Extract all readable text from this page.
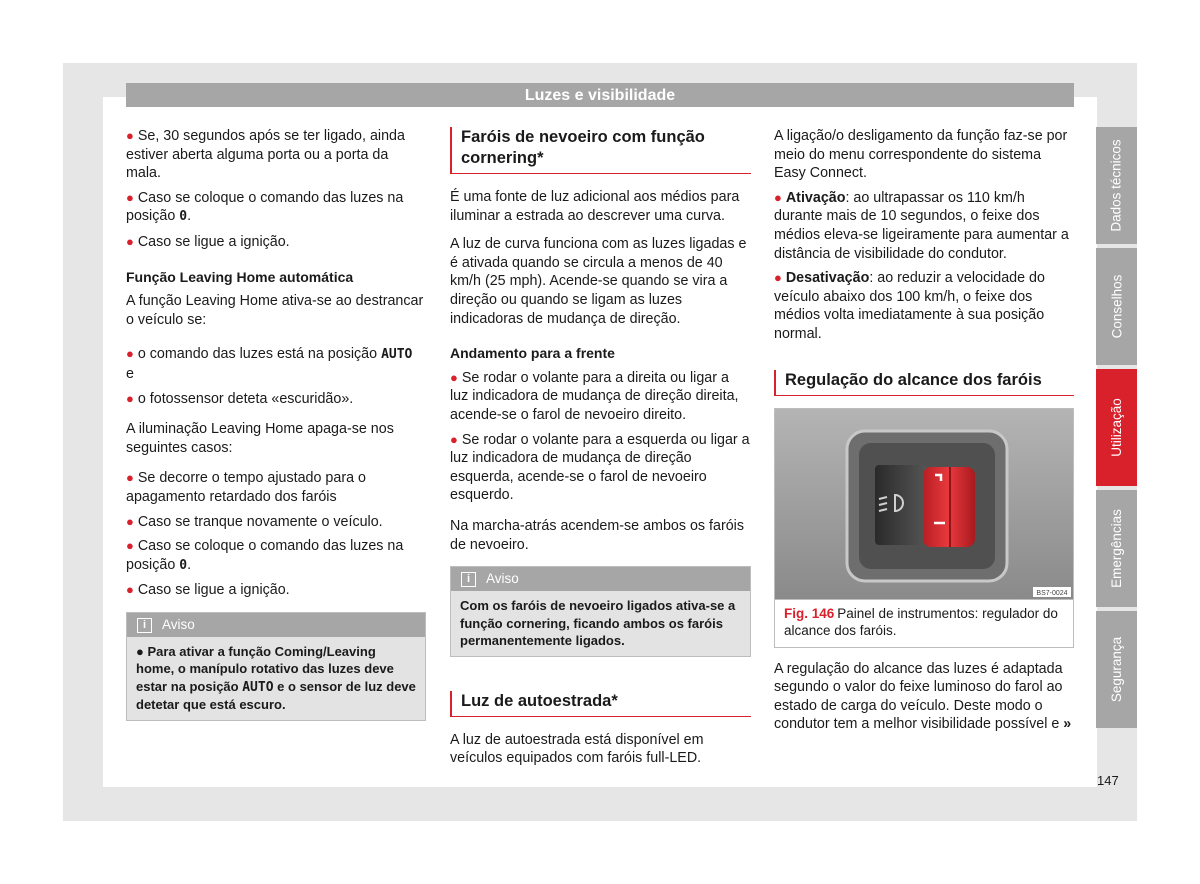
Luzes e visibilidade
● Se, 30 segundos após se ter ligado, ainda estiver aberta alguma porta ou a porta da mala.
● Caso se coloque o comando das luzes na posição 0.
● Caso se ligue a ignição.
Função Leaving Home automática

A função Leaving Home ativa-se ao destrancar o veículo se:

● o comando das luzes está na posição AUTO
e
● o fotossensor deteta «escuridão».

A iluminação Leaving Home apaga-se nos seguintes casos:

● Se decorre o tempo ajustado para o apagamento retardado dos faróis
● Caso se tranque novamente o veículo.
● Caso se coloque o comando das luzes na posição 0.
● Caso se ligue a ignição.
i Aviso
● Para ativar a função Coming/Leaving home, o manípulo rotativo das luzes deve estar na posição AUTO e o sensor de luz deve detetar que está escuro.
Faróis de nevoeiro com função cornering*

É uma fonte de luz adicional aos médios para iluminar a estrada ao descrever uma curva.

A luz de curva funciona com as luzes ligadas e é ativada quando se circula a menos de 40 km/h (25 mph). Acende-se quando se vira a direção ou quando se ligam as luzes indicadoras de mudança de direção.

Andamento para a frente
● Se rodar o volante para a direita ou ligar a luz indicadora de mudança de direção direita, acende-se o farol de nevoeiro direito.
● Se rodar o volante para a esquerda ou ligar a luz indicadora de mudança de direção esquerda, acende-se o farol de nevoeiro esquerdo.

Na marcha-atrás acendem-se ambos os faróis de nevoeiro.

i Aviso
Com os faróis de nevoeiro ligados ativa-se a função cornering, ficando ambos os faróis permanentemente ligados.
Luz de autoestrada*

A luz de autoestrada está disponível em veículos equipados com faróis full-LED.

A ligação/o desligamento da função faz-se por meio do menu correspondente do sistema Easy Connect.

● Ativação: ao ultrapassar os 110 km/h durante mais de 10 segundos, o feixe dos médios eleva-se ligeiramente para aumentar a distância de visibilidade do condutor.
● Desativação: ao reduzir a velocidade do veículo abaixo dos 100 km/h, o feixe dos médios volta imediatamente à sua posição normal.
Regulação do alcance dos faróis
BS7-0024
Fig. 146 Painel de instrumentos: regulador do alcance dos faróis.

A regulação do alcance das luzes é adaptada segundo o valor do feixe luminoso do farol ao estado de carga do veículo. Deste modo o condutor tem a melhor visibilidade possível e »

Dados técnicos
Conselhos
Utilização
Emergências
Segurança
147
